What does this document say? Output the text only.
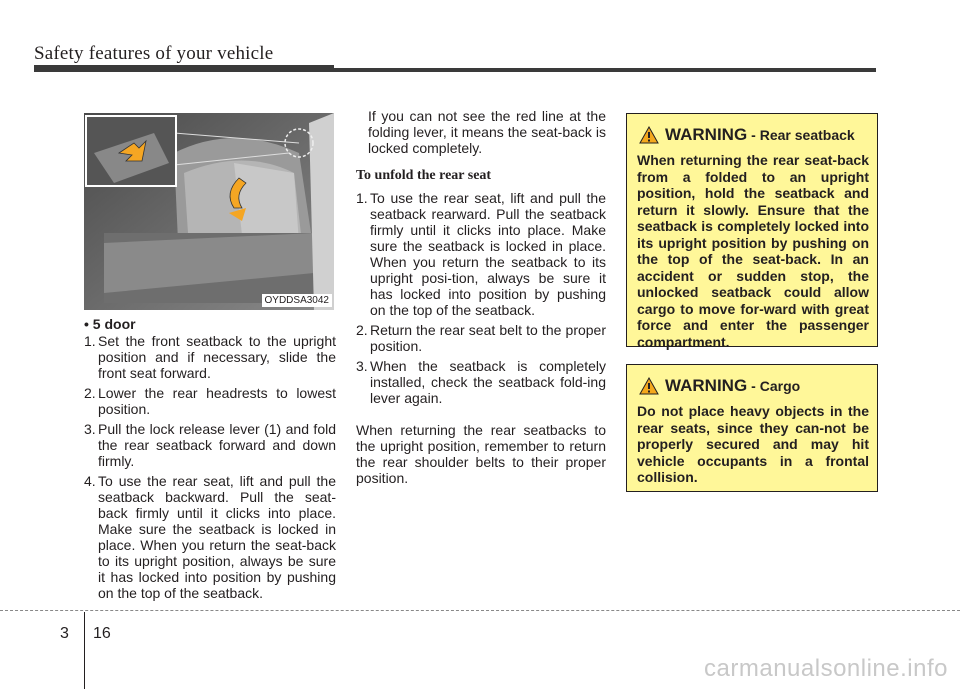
Safety features of your vehicle
OYDDSA3042
• 5 door
1. Set the front seatback to the upright position and if necessary, slide the front seat forward.
2. Lower the rear headrests to lowest position.
3. Pull the lock release lever (1) and fold the rear seatback forward and down firmly.
4. To use the rear seat, lift and pull the seatback backward. Pull the seat-back firmly until it clicks into place. Make sure the seatback is locked in place. When you return the seat-back to its upright position, always be sure it has locked into position by pushing on the top of the seatback.
If you can not see the red line at the folding lever, it means the seat-back is locked completely.
To unfold the rear seat
1. To use the rear seat, lift and pull the seatback rearward. Pull the seatback firmly until it clicks into place. Make sure the seatback is locked in place. When you return the seatback to its upright posi-tion, always be sure it has locked into position by pushing on the top of the seatback.
2. Return the rear seat belt to the proper position.
3. When the seatback is completely installed, check the seatback fold-ing lever again.
When returning the rear seatbacks to the upright position, remember to return the rear shoulder belts to their proper position.
WARNING - Rear seatback
When returning the rear seat-back from a folded to an upright position, hold the seatback and return it slowly. Ensure that the seatback is completely locked into its upright position by pushing on the top of the seat-back. In an accident or sudden stop, the unlocked seatback could allow cargo to move for-ward with great force and enter the passenger compartment.
WARNING - Cargo
Do not place heavy objects in the rear seats, since they can-not be properly secured and may hit vehicle occupants in a frontal collision.
3 16
carmanualsonline.info
